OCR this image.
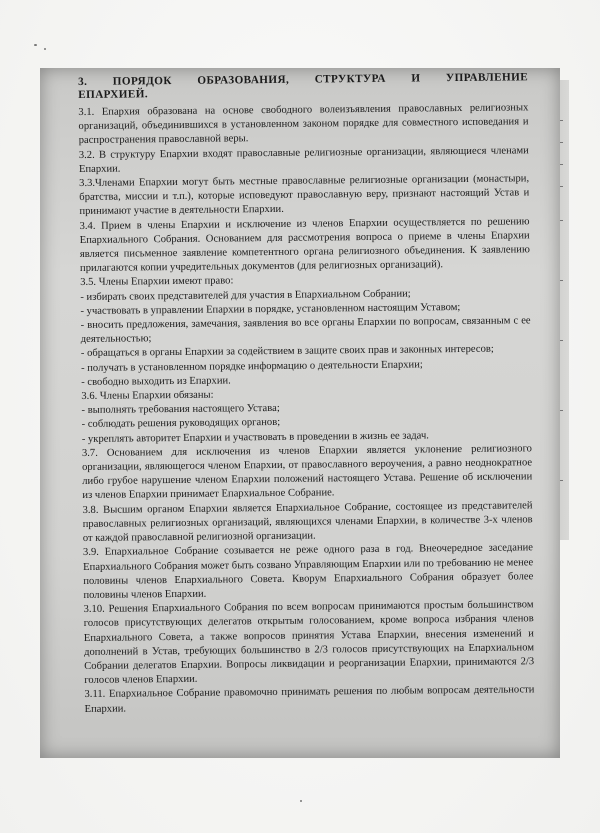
3. ПОРЯДОК ОБРАЗОВАНИЯ, СТРУКТУРА И УПРАВЛЕНИЕ
ЕПАРХИЕЙ.

3.1. Епархия образована на основе свободного волеизъявления православных религиозных организаций, объединившихся в установленном законом порядке для совместного исповедания и распространения православной веры.

3.2. В структуру Епархии входят православные религиозные организации, являющиеся членами Епархии.

3.3.Членами Епархии могут быть местные православные религиозные организации (монастыри, братства, миссии и т.п.), которые исповедуют православную веру, признают настоящий Устав и принимают участие в деятельности Епархии.

3.4. Прием в члены Епархии и исключение из членов Епархии осуществляется по решению Епархиального Собрания. Основанием для рассмотрения вопроса о приеме в члены Епархии является письменное заявление компетентного органа религиозного объединения. К заявлению прилагаются копии учредительных документов (для религиозных организаций).

3.5. Члены Епархии имеют право:

- избирать своих представителей для участия в Епархиальном Собрании;

- участвовать в управлении Епархии в порядке, установленном настоящим Уставом;

- вносить предложения, замечания, заявления во все органы Епархии по вопросам, связанным с ее деятельностью;

- обращаться в органы Епархии за содействием в защите своих прав и законных интересов;

- получать в установленном порядке информацию о деятельности Епархии;

- свободно выходить из Епархии.

3.6. Члены Епархии обязаны:

- выполнять требования настоящего Устава;

- соблюдать решения руководящих органов;

- укреплять авторитет Епархии и участвовать в проведении в жизнь ее задач.

3.7. Основанием для исключения из членов Епархии является уклонение религиозного организации, являющегося членом Епархии, от православного вероучения, а равно неоднократное либо грубое нарушение членом Епархии положений настоящего Устава. Решение об исключении из членов Епархии принимает Епархиальное Собрание.

3.8. Высшим органом Епархии является Епархиальное Собрание, состоящее из представителей православных религиозных организаций, являющихся членами Епархии, в количестве 3-х членов от каждой православной религиозной организации.

3.9. Епархиальное Собрание созывается не реже одного раза в год. Внеочередное заседание Епархиального Собрания может быть созвано Управляющим Епархии или по требованию не менее половины членов Епархиального Совета. Кворум Епархиального Собрания образует более половины членов Епархии.

3.10. Решения Епархиального Собрания по всем вопросам принимаются простым большинством голосов присутствующих делегатов открытым голосованием, кроме вопроса избрания членов Епархиального Совета, а также вопросов принятия Устава Епархии, внесения изменений и дополнений в Устав, требующих большинство в 2/3 голосов присутствующих на Епархиальном Собрании делегатов Епархии. Вопросы ликвидации и реорганизации Епархии, принимаются 2/3 голосов членов Епархии.

3.11. Епархиальное Собрание правомочно принимать решения по любым вопросам деятельности Епархии.
